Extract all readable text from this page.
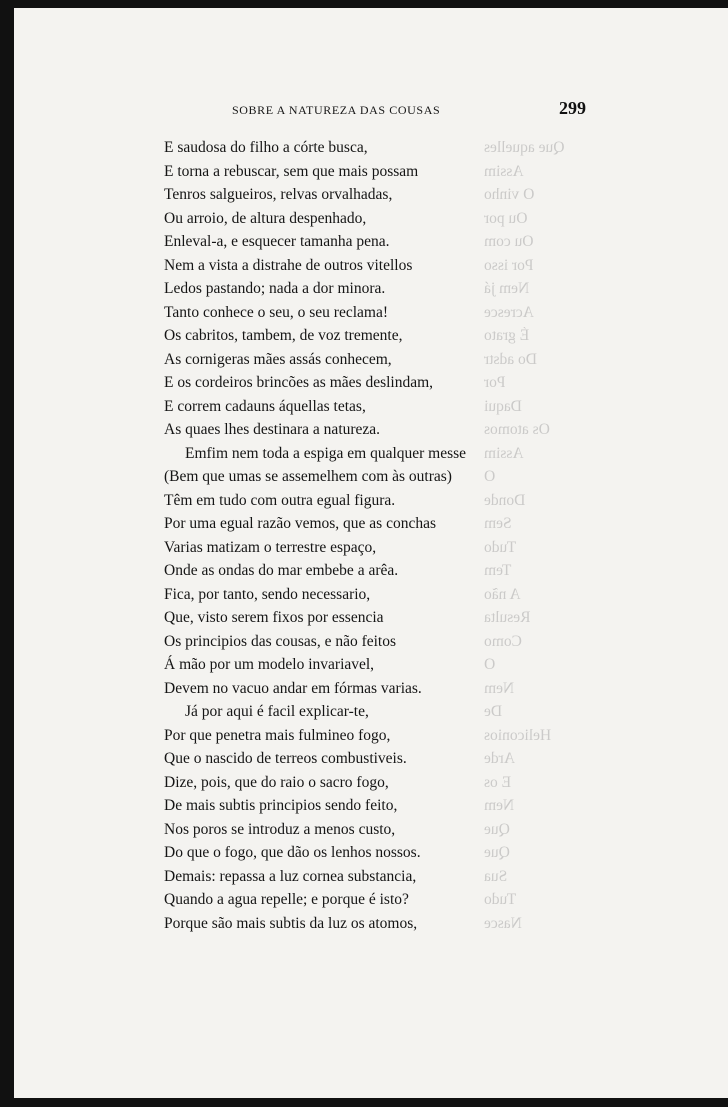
Que aquelles
Assim
O vinho
Ou por
Ou com
Por isso
Nem já
Acresce
É grato
Do adstr
Por
Daqui
Os atomos
Assim
O
Donde
Sem
Tudo
Tem
A não
Resulta
Como
O
Nem
De
Heliconios
Arde
E os
Nem
Que
Que
Sua
Tudo
Nasce
SOBRE A NATUREZA DAS COUSAS	299
E saudosa do filho a córte busca,
E torna a rebuscar, sem que mais possam
Tenros salgueiros, relvas orvalhadas,
Ou arroio, de altura despenhado,
Enleval-a, e esquecer tamanha pena.
Nem a vista a distrahe de outros vitellos
Ledos pastando; nada a dor minora.
Tanto conhece o seu, o seu reclama!
Os cabritos, tambem, de voz tremente,
As cornigeras mães assás conhecem,
E os cordeiros brincões as mães deslindam,
E correm cadauns áquellas tetas,
As quaes lhes destinara a natureza.
Emfim nem toda a espiga em qualquer messe
(Bem que umas se assemelhem com às outras)
Têm em tudo com outra egual figura.
Por uma egual razão vemos, que as conchas
Varias matizam o terrestre espaço,
Onde as ondas do mar embebe a arêa.
Fica, por tanto, sendo necessario,
Que, visto serem fixos por essencia
Os principios das cousas, e não feitos
Á mão por um modelo invariavel,
Devem no vacuo andar em fórmas varias.
Já por aqui é facil explicar-te,
Por que penetra mais fulmineo fogo,
Que o nascido de terreos combustiveis.
Dize, pois, que do raio o sacro fogo,
De mais subtis principios sendo feito,
Nos poros se introduz a menos custo,
Do que o fogo, que dão os lenhos nossos.
Demais: repassa a luz cornea substancia,
Quando a agua repelle; e porque é isto?
Porque são mais subtis da luz os atomos,
